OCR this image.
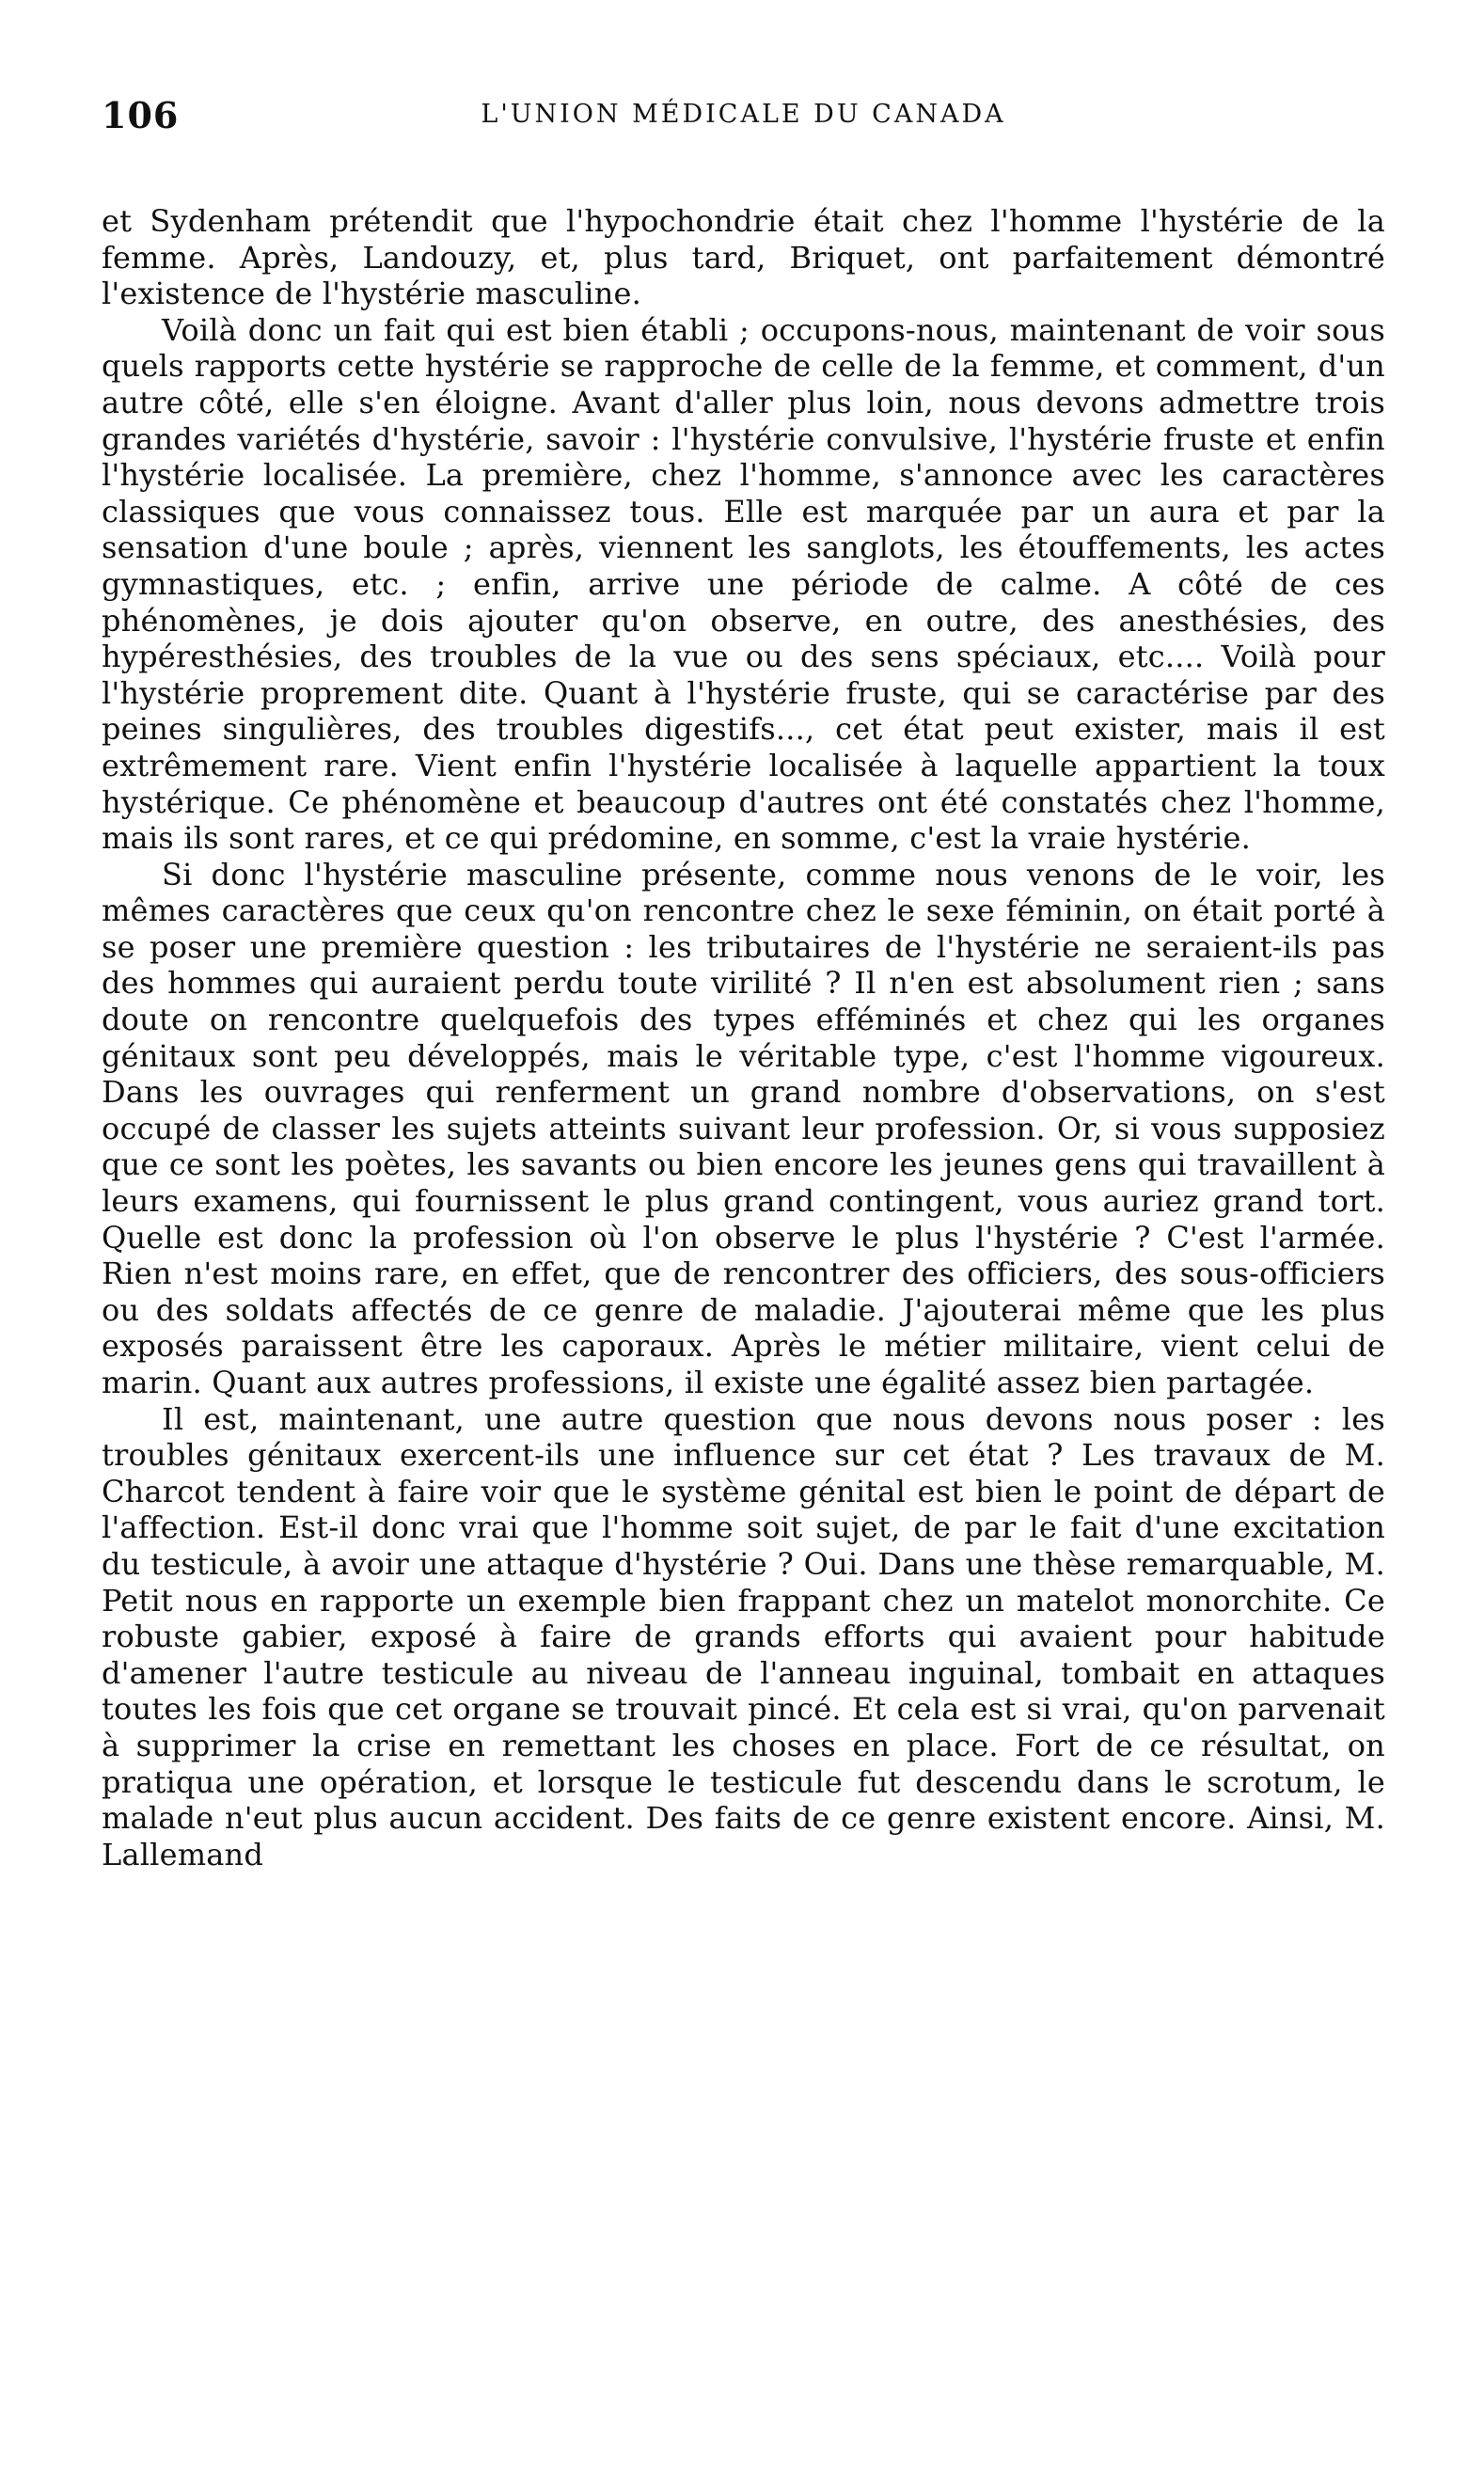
106	L'UNION MÉDICALE DU CANADA

et Sydenham prétendit que l'hypochondrie était chez l'homme l'hystérie de la femme. Après, Landouzy, et, plus tard, Briquet, ont parfaitement démontré l'existence de l'hystérie masculine.

Voilà donc un fait qui est bien établi ; occupons-nous, maintenant de voir sous quels rapports cette hystérie se rapproche de celle de la femme, et comment, d'un autre côté, elle s'en éloigne. Avant d'aller plus loin, nous devons admettre trois grandes variétés d'hystérie, savoir : l'hystérie convulsive, l'hystérie fruste et enfin l'hystérie localisée. La première, chez l'homme, s'annonce avec les caractères classiques que vous connaissez tous. Elle est marquée par un aura et par la sensation d'une boule ; après, viennent les sanglots, les étouffements, les actes gymnastiques, etc. ; enfin, arrive une période de calme. A côté de ces phénomènes, je dois ajouter qu'on observe, en outre, des anesthésies, des hypéresthésies, des troubles de la vue ou des sens spéciaux, etc.... Voilà pour l'hystérie proprement dite. Quant à l'hystérie fruste, qui se caractérise par des peines singulières, des troubles digestifs..., cet état peut exister, mais il est extrêmement rare. Vient enfin l'hystérie localisée à laquelle appartient la toux hystérique. Ce phénomène et beaucoup d'autres ont été constatés chez l'homme, mais ils sont rares, et ce qui prédomine, en somme, c'est la vraie hystérie.

Si donc l'hystérie masculine présente, comme nous venons de le voir, les mêmes caractères que ceux qu'on rencontre chez le sexe féminin, on était porté à se poser une première question : les tributaires de l'hystérie ne seraient-ils pas des hommes qui auraient perdu toute virilité ? Il n'en est absolument rien ; sans doute on rencontre quelquefois des types efféminés et chez qui les organes génitaux sont peu développés, mais le véritable type, c'est l'homme vigoureux. Dans les ouvrages qui renferment un grand nombre d'observations, on s'est occupé de classer les sujets atteints suivant leur profession. Or, si vous supposiez que ce sont les poètes, les savants ou bien encore les jeunes gens qui travaillent à leurs examens, qui fournissent le plus grand contingent, vous auriez grand tort. Quelle est donc la profession où l'on observe le plus l'hystérie ? C'est l'armée. Rien n'est moins rare, en effet, que de rencontrer des officiers, des sous-officiers ou des soldats affectés de ce genre de maladie. J'ajouterai même que les plus exposés paraissent être les caporaux. Après le métier militaire, vient celui de marin. Quant aux autres professions, il existe une égalité assez bien partagée.

Il est, maintenant, une autre question que nous devons nous poser : les troubles génitaux exercent-ils une influence sur cet état ? Les travaux de M. Charcot tendent à faire voir que le système génital est bien le point de départ de l'affection. Est-il donc vrai que l'homme soit sujet, de par le fait d'une excitation du testicule, à avoir une attaque d'hystérie ? Oui. Dans une thèse remarquable, M. Petit nous en rapporte un exemple bien frappant chez un matelot monorchite. Ce robuste gabier, exposé à faire de grands efforts qui avaient pour habitude d'amener l'autre testicule au niveau de l'anneau inguinal, tombait en attaques toutes les fois que cet organe se trouvait pincé. Et cela est si vrai, qu'on parvenait à supprimer la crise en remettant les choses en place. Fort de ce résultat, on pratiqua une opération, et lorsque le testicule fut descendu dans le scrotum, le malade n'eut plus aucun accident. Des faits de ce genre existent encore. Ainsi, M. Lallemand
